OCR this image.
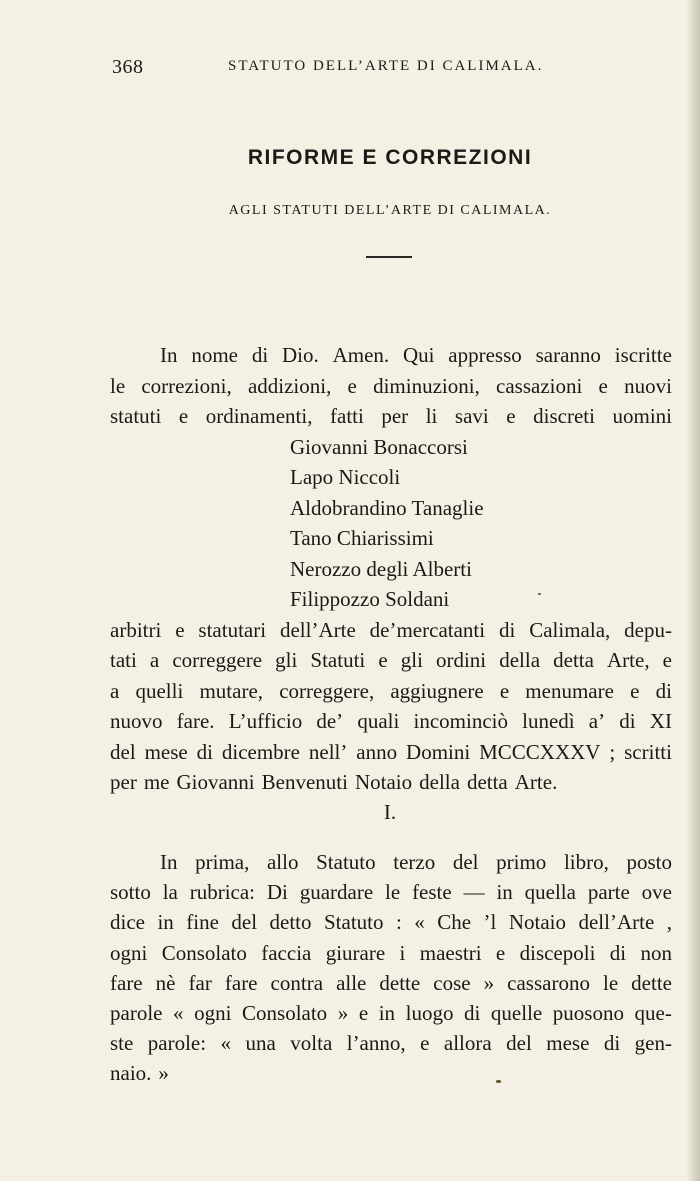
368	STATUTO DELL’ARTE DI CALIMALA.
RIFORME E CORREZIONI
AGLI STATUTI DELL’ARTE DI CALIMALA.
In nome di Dio. Amen. Qui appresso saranno iscritte
le correzioni, addizioni, e diminuzioni, cassazioni e nuovi
statuti e ordinamenti, fatti per li savi e discreti uomini
Giovanni Bonaccorsi
Lapo Niccoli
Aldobrandino Tanaglie
Tano Chiarissimi
Nerozzo degli Alberti
Filippozzo Soldani
arbitri e statutari dell’Arte de’mercatanti di Calimala, depu-
tati a correggere gli Statuti e gli ordini della detta Arte, e
a quelli mutare, correggere, aggiugnere e menumare e di
nuovo fare. L’ufficio de’ quali incominciò lunedì a’ di XI
del mese di dicembre nell’ anno Domini MCCCXXXV ; scritti
per me Giovanni Benvenuti Notaio della detta Arte.
In prima, allo Statuto terzo del primo libro, posto
sotto la rubrica: Di guardare le feste — in quella parte ove
dice in fine del detto Statuto : « Che ’l Notaio dell’Arte ,
ogni Consolato faccia giurare i maestri e discepoli di non
fare nè far fare contra alle dette cose » cassarono le dette
parole « ogni Consolato » e in luogo di quelle puosono que-
ste parole: « una volta l’anno, e allora del mese di gen-
naio. »
I.
